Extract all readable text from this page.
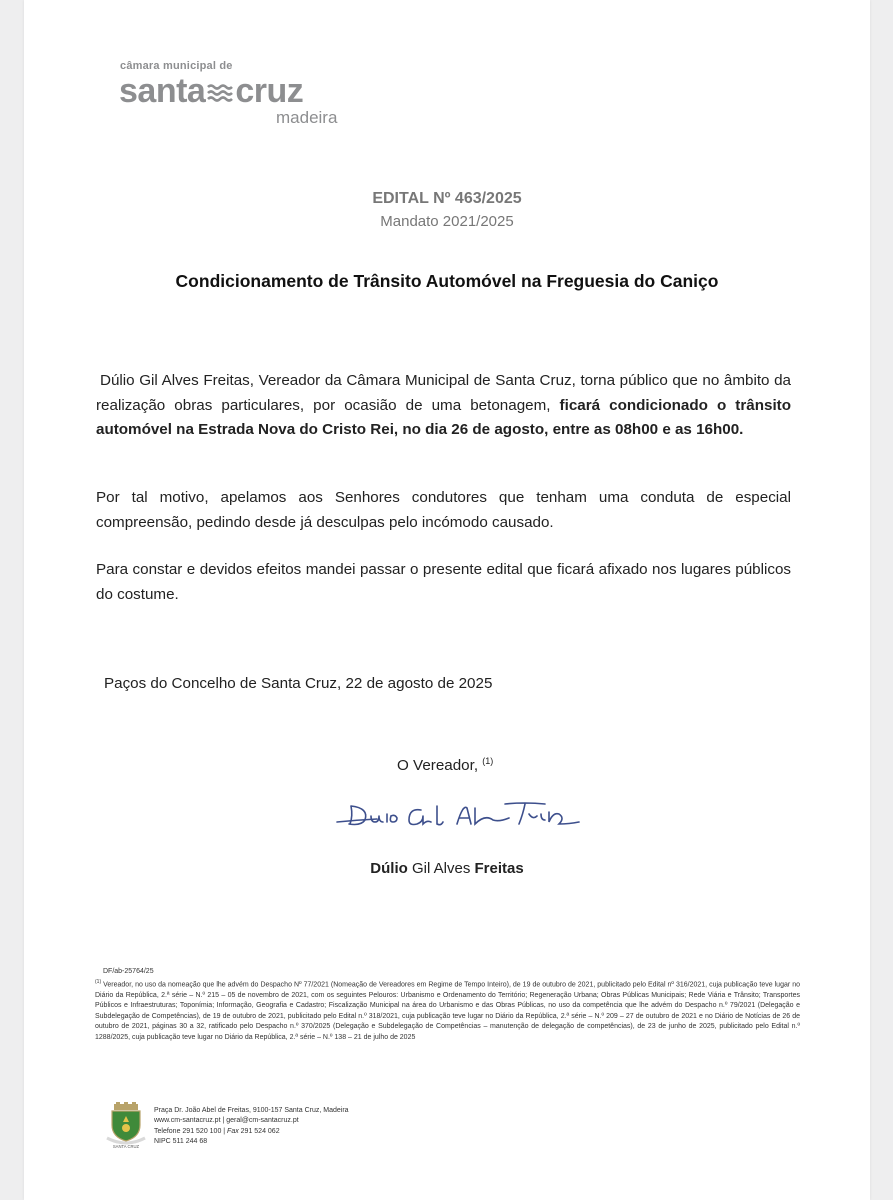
câmara municipal de
santa cruz
madeira
EDITAL Nº 463/2025
Mandato 2021/2025
Condicionamento de Trânsito Automóvel na Freguesia do Caniço
Dúlio Gil Alves Freitas, Vereador da Câmara Municipal de Santa Cruz, torna público que no âmbito da realização obras particulares, por ocasião de uma betonagem, ficará condicionado o trânsito automóvel na Estrada Nova do Cristo Rei, no dia 26 de agosto, entre as 08h00 e as 16h00.
Por tal motivo, apelamos aos Senhores condutores que tenham uma conduta de especial compreensão, pedindo desde já desculpas pelo incómodo causado.
Para constar e devidos efeitos mandei passar o presente edital que ficará afixado nos lugares públicos do costume.
Paços do Concelho de Santa Cruz, 22 de agosto de 2025
O Vereador, $^{(1)}$
Dúlio Gil Alves Freitas
DF/ab-25764/25
$^{(1)}$ Vereador, no uso da nomeação que lhe advém do Despacho Nº 77/2021 (Nomeação de Vereadores em Regime de Tempo Inteiro), de 19 de outubro de 2021, publicitado pelo Edital nº 316/2021, cuja publicação teve lugar no Diário da República, 2.ª série – N.º 215 – 05 de novembro de 2021, com os seguintes Pelouros: Urbanismo e Ordenamento do Território; Regeneração Urbana; Obras Públicas Municipais; Rede Viária e Trânsito; Transportes Públicos e Infraestruturas; Toponímia; Informação, Geografia e Cadastro; Fiscalização Municipal na área do Urbanismo e das Obras Públicas, no uso da competência que lhe advém do Despacho n.º 79/2021 (Delegação e Subdelegação de Competências), de 19 de outubro de 2021, publicitado pelo Edital n.º 318/2021, cuja publicação teve lugar no Diário da República, 2.ª série – N.º 209 – 27 de outubro de 2021 e no Diário de Notícias de 26 de outubro de 2021, páginas 30 a 32, ratificado pelo Despacho n.º 370/2025 (Delegação e Subdelegação de Competências – manutenção de delegação de competências), de 23 de junho de 2025, publicitado pelo Edital n.º 1288/2025, cuja publicação teve lugar no Diário da República, 2.ª série – N.º 138 – 21 de julho de 2025
SANTA CRUZ
Praça Dr. João Abel de Freitas, 9100-157 Santa Cruz, Madeira
www.cm-santacruz.pt | geral@cm-santacruz.pt
Telefone 291 520 100 | Fax 291 524 062
NIPC 511 244 68
